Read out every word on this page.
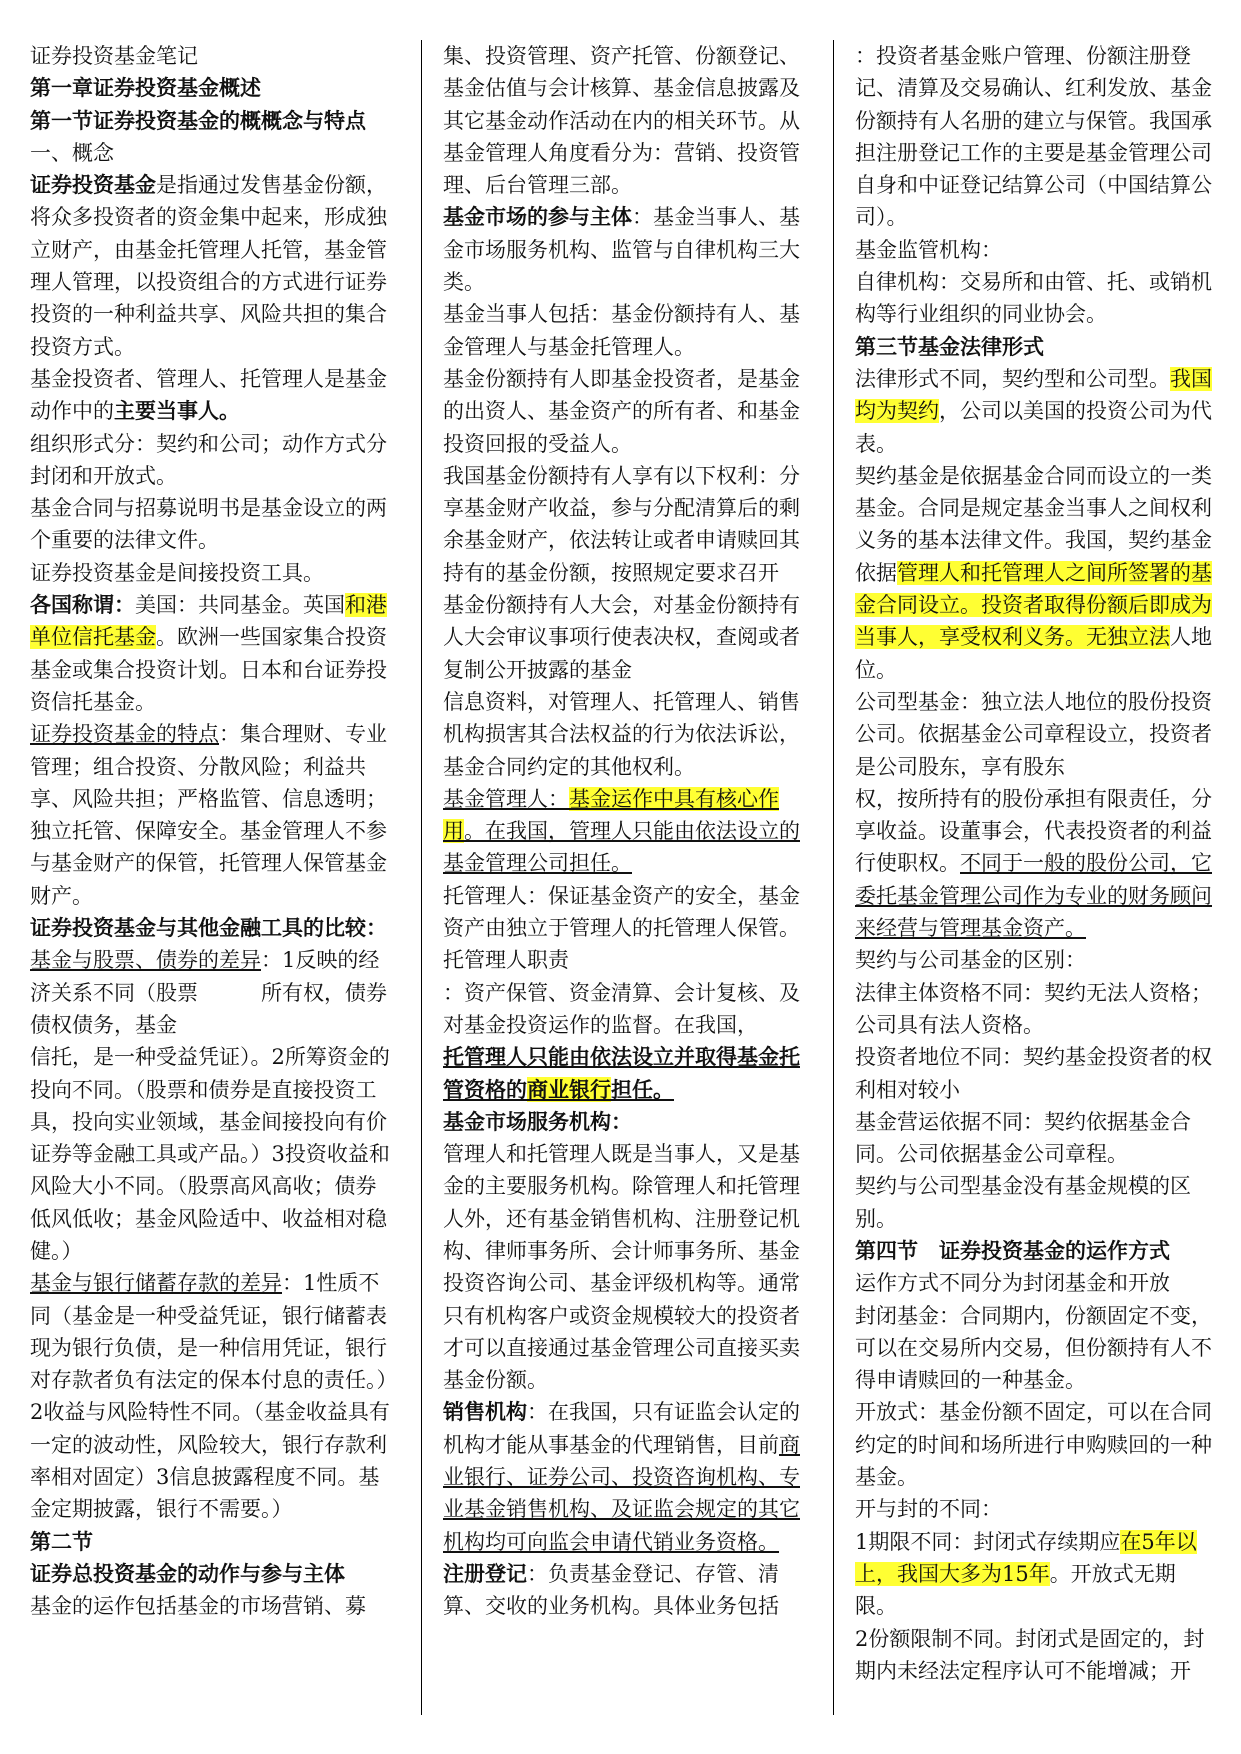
证券投资基金笔记
第一章证券投资基金概述
第一节证券投资基金的概概念与特点
一、概念
证券投资基金是指通过发售基金份额，将众多投资者的资金集中起来，形成独立财产，由基金托管理人托管，基金管理人管理，以投资组合的方式进行证券投资的一种利益共享、风险共担的集合投资方式。
基金投资者、管理人、托管理人是基金动作中的主要当事人。
组织形式分：契约和公司；动作方式分封闭和开放式。
基金合同与招募说明书是基金设立的两个重要的法律文件。
证券投资基金是间接投资工具。
各国称谓：美国：共同基金。英国和港单位信托基金。欧洲一些国家集合投资基金或集合投资计划。日本和台证券投资信托基金。
证券投资基金的特点：集合理财、专业管理；组合投资、分散风险；利益共享、风险共担；严格监管、信息透明；独立托管、保障安全。基金管理人不参与基金财产的保管，托管理人保管基金财产。
证券投资基金与其他金融工具的比较：
基金与股票、债券的差异：1反映的经济关系不同（股票　　　所有权，债券债权债务，基金
信托，是一种受益凭证）。2所筹资金的投向不同。（股票和债券是直接投资工具，投向实业领域，基金间接投向有价证券等金融工具或产品。）3投资收益和风险大小不同。（股票高风高收；债券低风低收；基金风险适中、收益相对稳健。）
基金与银行储蓄存款的差异：1性质不同（基金是一种受益凭证，银行储蓄表现为银行负债，是一种信用凭证，银行对存款者负有法定的保本付息的责任。）2收益与风险特性不同。（基金收益具有一定的波动性，风险较大，银行存款利率相对固定）3信息披露程度不同。基金定期披露，银行不需要。）
第二节
证券总投资基金的动作与参与主体
基金的运作包括基金的市场营销、募
集、投资管理、资产托管、份额登记、基金估值与会计核算、基金信息披露及其它基金动作活动在内的相关环节。从基金管理人角度看分为：营销、投资管理、后台管理三部。
基金市场的参与主体：基金当事人、基金市场服务机构、监管与自律机构三大类。
基金当事人包括：基金份额持有人、基金管理人与基金托管理人。
基金份额持有人即基金投资者，是基金的出资人、基金资产的所有者、和基金投资回报的受益人。
我国基金份额持有人享有以下权利：分享基金财产收益，参与分配清算后的剩余基金财产，依法转让或者申请赎回其持有的基金份额，按照规定要求召开
基金份额持有人大会，对基金份额持有人大会审议事项行使表决权，查阅或者复制公开披露的基金
信息资料，对管理人、托管理人、销售机构损害其合法权益的行为依法诉讼，基金合同约定的其他权利。
基金管理人：基金运作中具有核心作用。在我国，管理人只能由依法设立的基金管理公司担任。
托管理人：保证基金资产的安全，基金资产由独立于管理人的托管理人保管。托管理人职责
：资产保管、资金清算、会计复核、及对基金投资运作的监督。在我国，
托管理人只能由依法设立并取得基金托管资格的商业银行担任。
基金市场服务机构：
管理人和托管理人既是当事人，又是基金的主要服务机构。除管理人和托管理人外，还有基金销售机构、注册登记机构、律师事务所、会计师事务所、基金投资咨询公司、基金评级机构等。通常只有机构客户或资金规模较大的投资者才可以直接通过基金管理公司直接买卖基金份额。
销售机构：在我国，只有证监会认定的机构才能从事基金的代理销售，目前商业银行、证券公司、投资咨询机构、专业基金销售机构、及证监会规定的其它机构均可向监会申请代销业务资格。
注册登记：负责基金登记、存管、清算、交收的业务机构。具体业务包括
：投资者基金账户管理、份额注册登记、清算及交易确认、红利发放、基金份额持有人名册的建立与保管。我国承担注册登记工作的主要是基金管理公司自身和中证登记结算公司（中国结算公司）。
基金监管机构：
自律机构：交易所和由管、托、或销机构等行业组织的同业协会。
第三节基金法律形式
法律形式不同，契约型和公司型。我国均为契约，公司以美国的投资公司为代表。
契约基金是依据基金合同而设立的一类基金。合同是规定基金当事人之间权利义务的基本法律文件。我国，契约基金依据管理人和托管理人之间所签署的基金合同设立。投资者取得份额后即成为当事人，享受权利义务。无独立法人地位。
公司型基金：独立法人地位的股份投资公司。依据基金公司章程设立，投资者是公司股东，享有股东
权，按所持有的股份承担有限责任，分享收益。设董事会，代表投资者的利益行使职权。不同于一般的股份公司，它委托基金管理公司作为专业的财务顾问来经营与管理基金资产。
契约与公司基金的区别：
法律主体资格不同：契约无法人资格；公司具有法人资格。
投资者地位不同：契约基金投资者的权利相对较小
基金营运依据不同：契约依据基金合同。公司依据基金公司章程。
契约与公司型基金没有基金规模的区别。
第四节　证券投资基金的运作方式
运作方式不同分为封闭基金和开放
封闭基金：合同期内，份额固定不变，可以在交易所内交易，但份额持有人不得申请赎回的一种基金。
开放式：基金份额不固定，可以在合同约定的时间和场所进行申购赎回的一种基金。
开与封的不同：
1期限不同：封闭式存续期应在5年以上，我国大多为15年。开放式无期限。
2份额限制不同。封闭式是固定的，封期内未经法定程序认可不能增减；开
